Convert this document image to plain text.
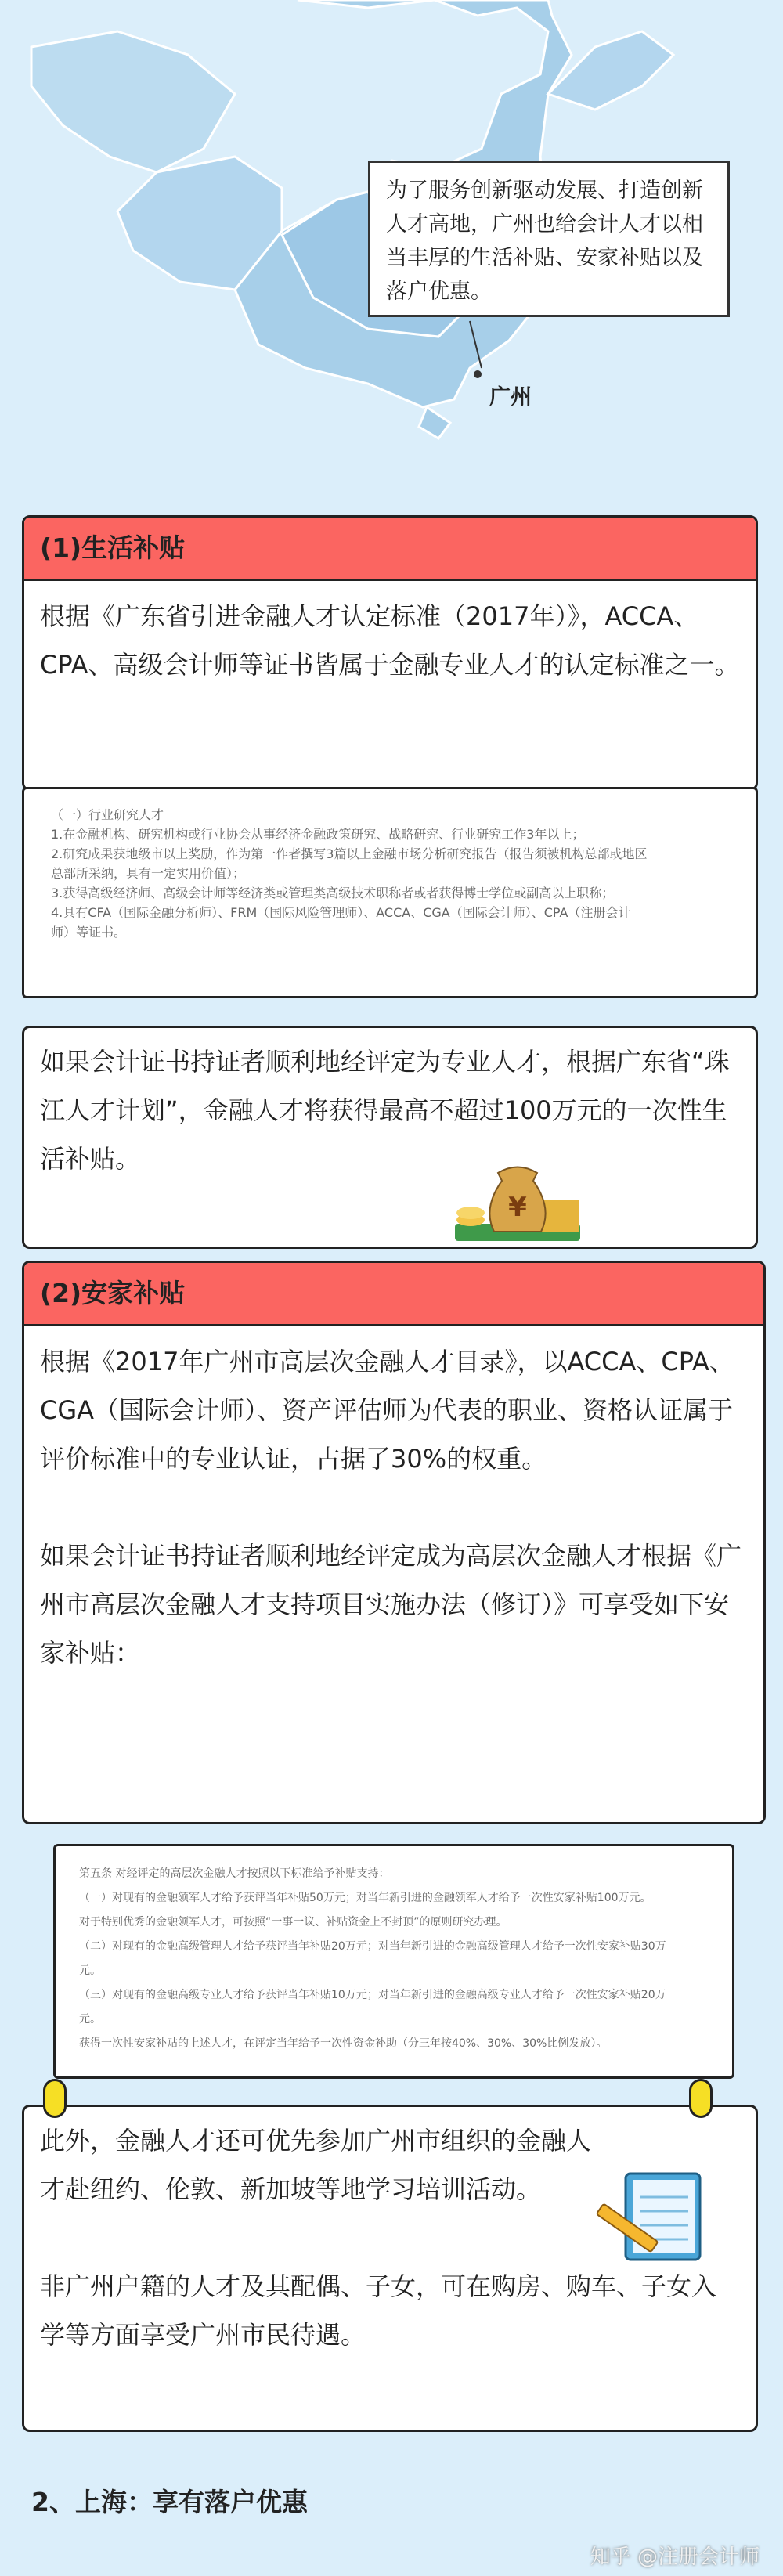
为了服务创新驱动发展、打造创新人才高地，广州也给会计人才以相当丰厚的生活补贴、安家补贴以及落户优惠。
广州
(1)生活补贴

根据《广东省引进金融人才认定标准（2017年）》，ACCA、CPA、高级会计师等证书皆属于金融专业人才的认定标准之一。

（一）行业研究人才

1.在金融机构、研究机构或行业协会从事经济金融政策研究、战略研究、行业研究工作3年以上；

2.研究成果获地级市以上奖励，作为第一作者撰写3篇以上金融市场分析研究报告（报告须被机构总部或地区

总部所采纳，具有一定实用价值）；

3.获得高级经济师、高级会计师等经济类或管理类高级技术职称者或者获得博士学位或副高以上职称；

4.具有CFA（国际金融分析师）、FRM（国际风险管理师）、ACCA、CGA（国际会计师）、CPA（注册会计

师）等证书。

如果会计证书持证者顺利地经评定为专业人才，根据广东省“珠江人才计划”，金融人才将获得最高不超过100万元的一次性生活补贴。

¥
(2)安家补贴

根据《2017年广州市高层次金融人才目录》，以ACCA、CPA、CGA（国际会计师）、资产评估师为代表的职业、资格认证属于评价标准中的专业认证，占据了30%的权重。

如果会计证书持证者顺利地经评定成为高层次金融人才根据《广州市高层次金融人才支持项目实施办法（修订）》可享受如下安家补贴：

第五条 对经评定的高层次金融人才按照以下标准给予补贴支持：

（一）对现有的金融领军人才给予获评当年补贴50万元；对当年新引进的金融领军人才给予一次性安家补贴100万元。

对于特别优秀的金融领军人才，可按照“一事一议、补贴资金上不封顶”的原则研究办理。

（二）对现有的金融高级管理人才给予获评当年补贴20万元；对当年新引进的金融高级管理人才给予一次性安家补贴30万

元。

（三）对现有的金融高级专业人才给予获评当年补贴10万元；对当年新引进的金融高级专业人才给予一次性安家补贴20万

元。

获得一次性安家补贴的上述人才，在评定当年给予一次性资金补助（分三年按40%、30%、30%比例发放）。

此外，金融人才还可优先参加广州市组织的金融人才赴纽约、伦敦、新加坡等地学习培训活动。

非广州户籍的人才及其配偶、子女，可在购房、购车、子女入学等方面享受广州市民待遇。

2、上海：享有落户优惠
知乎 @注册会计师
